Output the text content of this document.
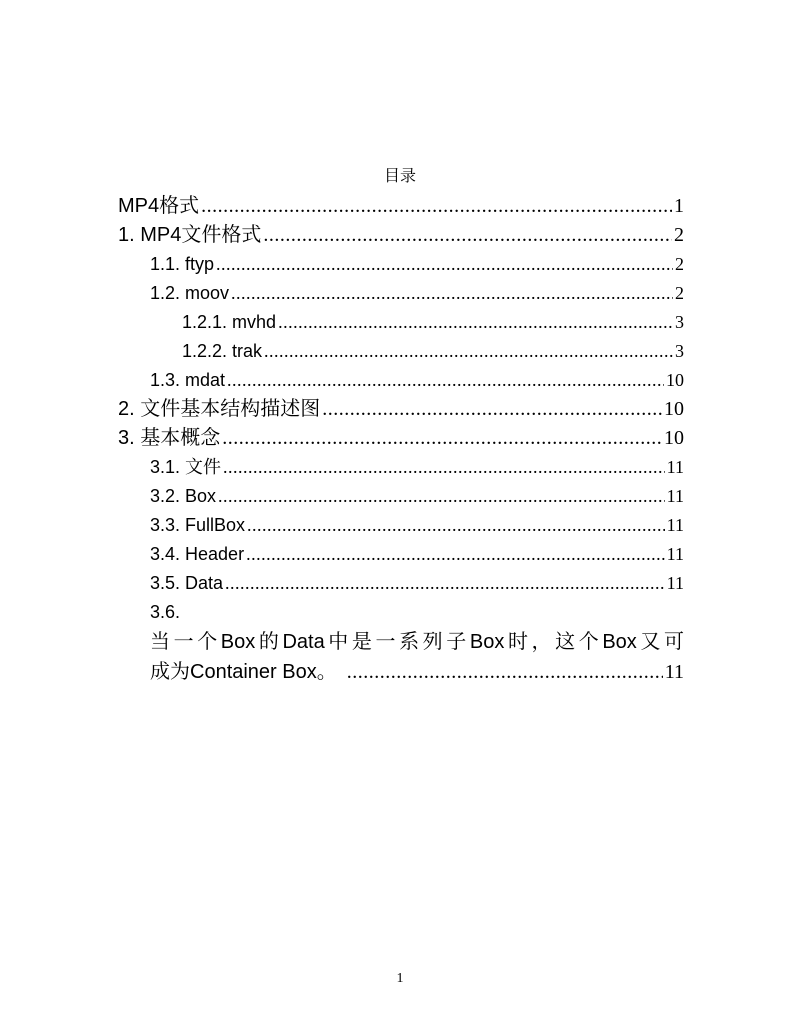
目录
MP4格式 .....	1
1. MP4文件格式 .....	2
1.1. ftyp .....	2
1.2. moov .....	2
1.2.1. mvhd .....	3
1.2.2. trak .....	3
1.3. mdat .....	10
2. 文件基本结构描述图 .....	10
3. 基本概念 .....	10
3.1. 文件 .....	11
3.2. Box .....	11
3.3. FullBox .....	11
3.4. Header .....	11
3.5. Data .....	11
3.6.
当一个Box的Data中是一系列子Box时，这个Box又可
成为Container Box。 .....	11
1
